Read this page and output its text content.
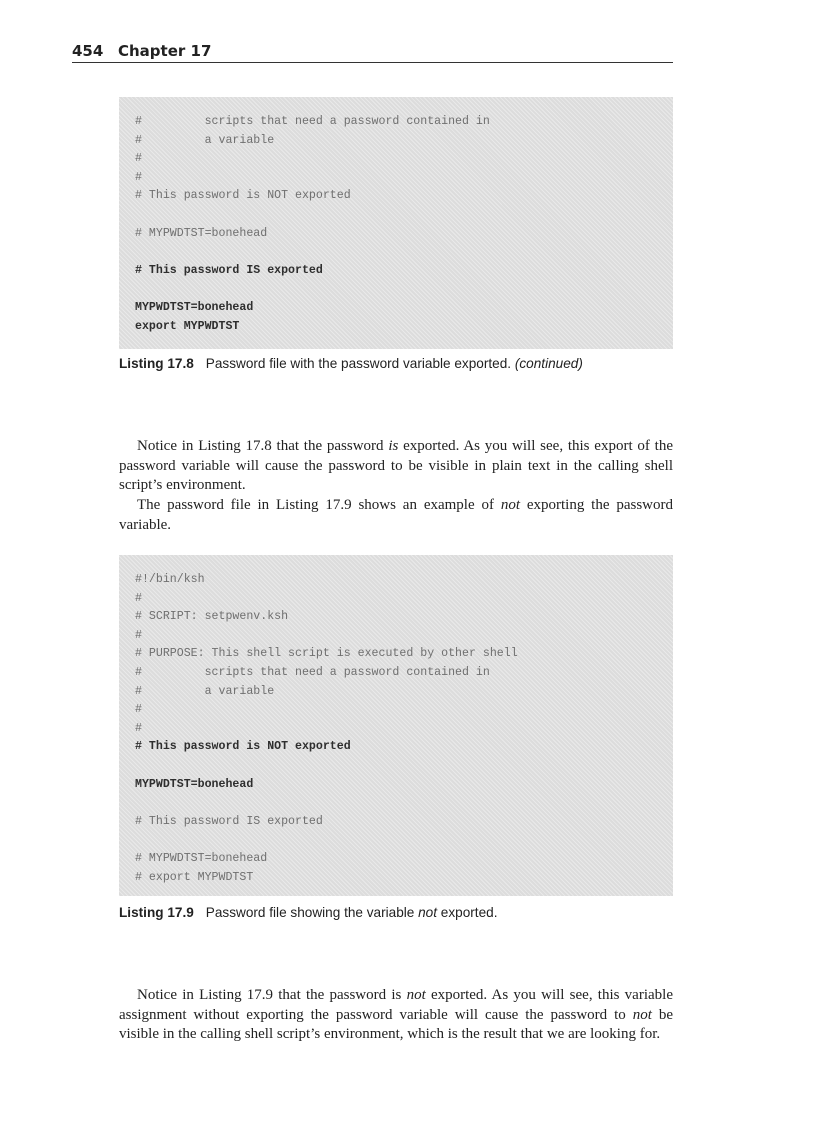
454 Chapter 17
#         scripts that need a password contained in
#         a variable
#
#
# This password is NOT exported
# MYPWDTST=bonehead
# This password IS exported
MYPWDTST=bonehead
export MYPWDTST
Listing 17.8 Password file with the password variable exported. (continued)

Notice in Listing 17.8 that the password is exported. As you will see, this export of the password variable will cause the password to be visible in plain text in the calling shell script’s environment.

The password file in Listing 17.9 shows an example of not exporting the password variable.

#!/bin/ksh
#
# SCRIPT: setpwenv.ksh
#
# PURPOSE: This shell script is executed by other shell
#         scripts that need a password contained in
#         a variable
#
#
# This password is NOT exported
MYPWDTST=bonehead
# This password IS exported
# MYPWDTST=bonehead
# export MYPWDTST
Listing 17.9 Password file showing the variable not exported.

Notice in Listing 17.9 that the password is not exported. As you will see, this variable assignment without exporting the password variable will cause the password to not be visible in the calling shell script’s environment, which is the result that we are looking for.
